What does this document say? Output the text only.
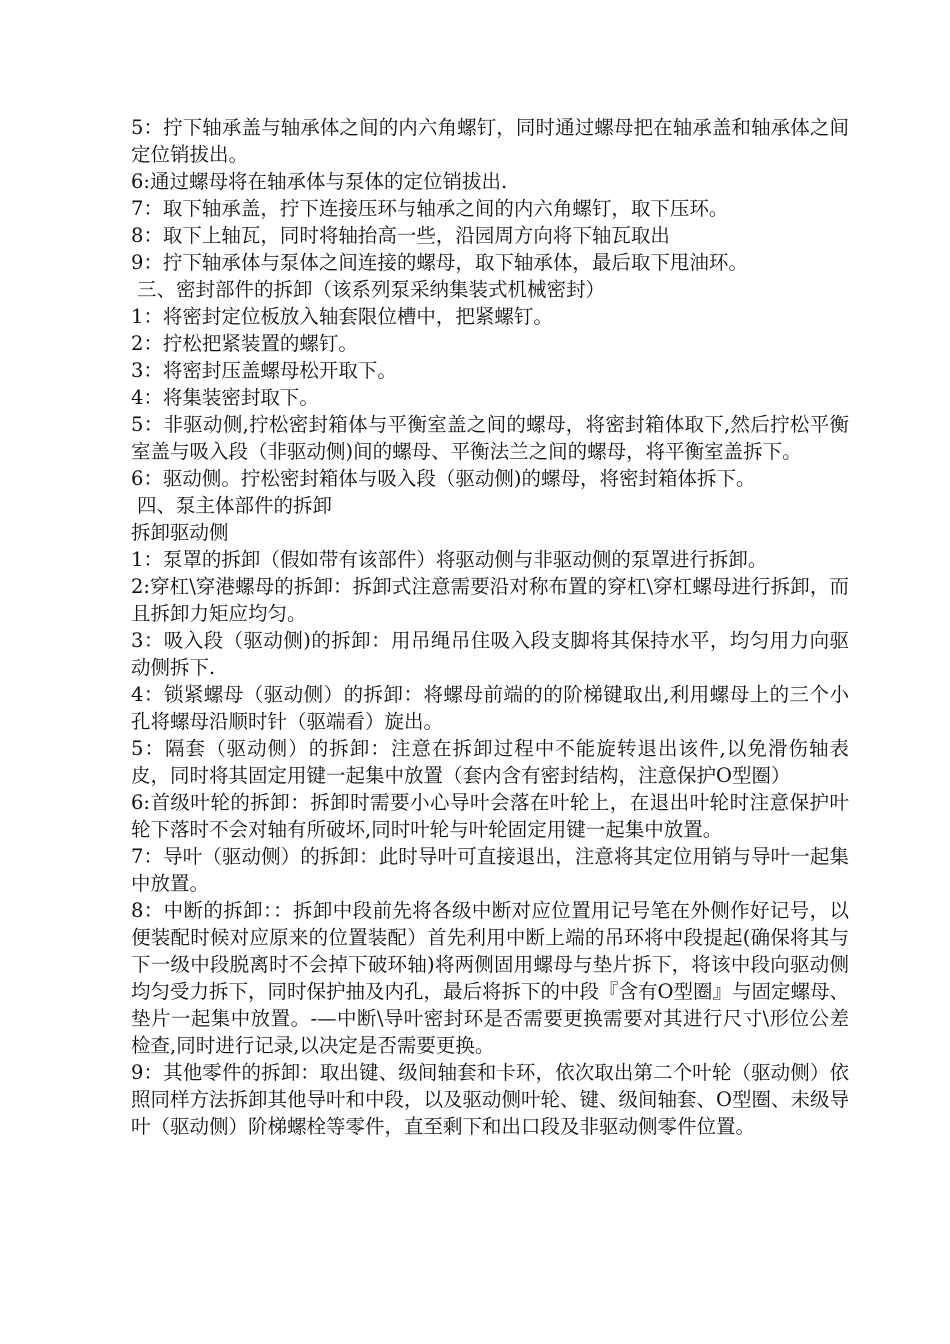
5：拧下轴承盖与轴承体之间的内六角螺钉，同时通过螺母把在轴承盖和轴承体之间定位销拔出。

6:通过螺母将在轴承体与泵体的定位销拔出.

7：取下轴承盖，拧下连接压环与轴承之间的内六角螺钉，取下压环。

8：取下上轴瓦，同时将轴抬高一些，沿园周方向将下轴瓦取出

9：拧下轴承体与泵体之间连接的螺母，取下轴承体，最后取下甩油环。

三、密封部件的拆卸（该系列泵采纳集装式机械密封）

1：将密封定位板放入轴套限位槽中，把紧螺钉。

2：拧松把紧装置的螺钉。

3：将密封压盖螺母松开取下。

4：将集装密封取下。

5：非驱动侧,拧松密封箱体与平衡室盖之间的螺母，将密封箱体取下,然后拧松平衡室盖与吸入段（非驱动侧)间的螺母、平衡法兰之间的螺母，将平衡室盖拆下。

6：驱动侧。拧松密封箱体与吸入段（驱动侧)的螺母，将密封箱体拆下。

四、泵主体部件的拆卸

拆卸驱动侧

1：泵罩的拆卸（假如带有该部件）将驱动侧与非驱动侧的泵罩进行拆卸。

2:穿杠\穿港螺母的拆卸：拆卸式注意需要沿对称布置的穿杠\穿杠螺母进行拆卸，而且拆卸力矩应均匀。

3：吸入段（驱动侧)的拆卸：用吊绳吊住吸入段支脚将其保持水平，均匀用力向驱动侧拆下.

4：锁紧螺母（驱动侧）的拆卸：将螺母前端的的阶梯键取出,利用螺母上的三个小孔将螺母沿顺时针（驱端看）旋出。

5：隔套（驱动侧）的拆卸：注意在拆卸过程中不能旋转退出该件,以免滑伤轴表皮，同时将其固定用键一起集中放置（套内含有密封结构，注意保护O型圈）

6:首级叶轮的拆卸：拆卸时需要小心导叶会落在叶轮上，在退出叶轮时注意保护叶轮下落时不会对轴有所破坏,同时叶轮与叶轮固定用键一起集中放置。

7：导叶（驱动侧）的拆卸：此时导叶可直接退出，注意将其定位用销与导叶一起集中放置。

8：中断的拆卸：：拆卸中段前先将各级中断对应位置用记号笔在外侧作好记号，以便装配时候对应原来的位置装配）首先利用中断上端的吊环将中段提起(确保将其与下一级中段脱离时不会掉下破环轴)将两侧固用螺母与垫片拆下，将该中段向驱动侧均匀受力拆下，同时保护抽及内孔，最后将拆下的中段『含有O型圈』与固定螺母、垫片一起集中放置。-—中断\导叶密封环是否需要更换需要对其进行尺寸\形位公差检查,同时进行记录,以决定是否需要更换。

9：其他零件的拆卸：取出键、级间轴套和卡环，依次取出第二个叶轮（驱动侧）依照同样方法拆卸其他导叶和中段，以及驱动侧叶轮、键、级间轴套、O型圈、未级导叶（驱动侧）阶梯螺栓等零件，直至剩下和出口段及非驱动侧零件位置。
